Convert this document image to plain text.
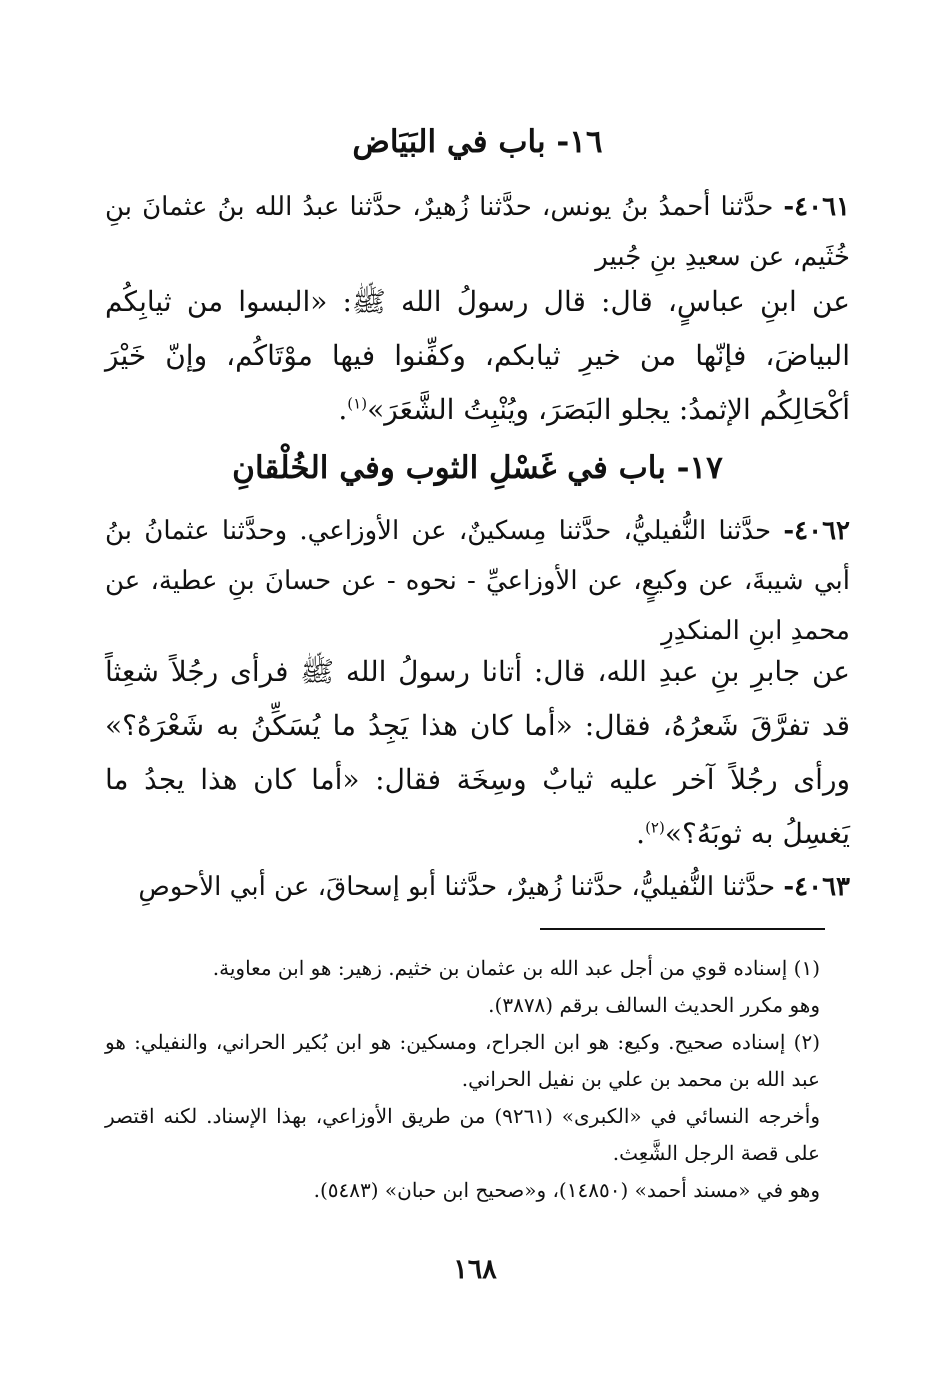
١٦- باب في البَيَاض
٤٠٦١- حدَّثنا أحمدُ بنُ يونس، حدَّثنا زُهيرٌ، حدَّثنا عبدُ الله بنُ عثمانَ بنِ خُثَيم، عن سعيدِ بنِ جُبير
عن ابنِ عباسٍ، قال: قال رسولُ الله ﷺ: «البسوا من ثيابِكُم البياضَ، فإنّها من خيرِ ثيابكم، وكفِّنوا فيها موْتَاكُم، وإنّ خَيْرَ أكْحَالِكُم الإثمدُ: يجلو البَصَرَ، ويُنْبِتُ الشَّعَرَ»$^{(١)}$.
١٧- باب في غَسْلِ الثوب وفي الخُلْقانِ
٤٠٦٢- حدَّثنا النُّفيليُّ، حدَّثنا مِسكينٌ، عن الأوزاعي. وحدَّثنا عثمانُ بنُ أبي شيبةَ، عن وكيعٍ، عن الأوزاعيِّ - نحوه - عن حسانَ بنِ عطية، عن محمدِ ابنِ المنكدِرِ
عن جابرِ بنِ عبدِ الله، قال: أتانا رسولُ الله ﷺ فرأى رجُلاً شعِثاً قد تفرَّقَ شَعرُهُ، فقال: «أما كان هذا يَجِدُ ما يُسَكِّنُ به شَعْرَهُ؟» ورأى رجُلاً آخر عليه ثيابٌ وسِخَة فقال: «أما كان هذا يجدُ ما يَغسِلُ به ثوبَهُ؟»$^{(٢)}$.
٤٠٦٣- حدَّثنا النُّفيليُّ، حدَّثنا زُهيرٌ، حدَّثنا أبو إسحاقَ، عن أبي الأحوصِ
(١) إسناده قوي من أجل عبد الله بن عثمان بن خثيم. زهير: هو ابن معاوية.
وهو مكرر الحديث السالف برقم (٣٨٧٨).
(٢) إسناده صحيح. وكيع: هو ابن الجراح، ومسكين: هو ابن بُكير الحراني، والنفيلي: هو عبد الله بن محمد بن علي بن نفيل الحراني.
وأخرجه النسائي في «الكبرى» (٩٢٦١) من طريق الأوزاعي، بهذا الإسناد. لكنه اقتصر على قصة الرجل الشَّعِث.
وهو في «مسند أحمد» (١٤٨٥٠)، و«صحيح ابن حبان» (٥٤٨٣).
١٦٨
